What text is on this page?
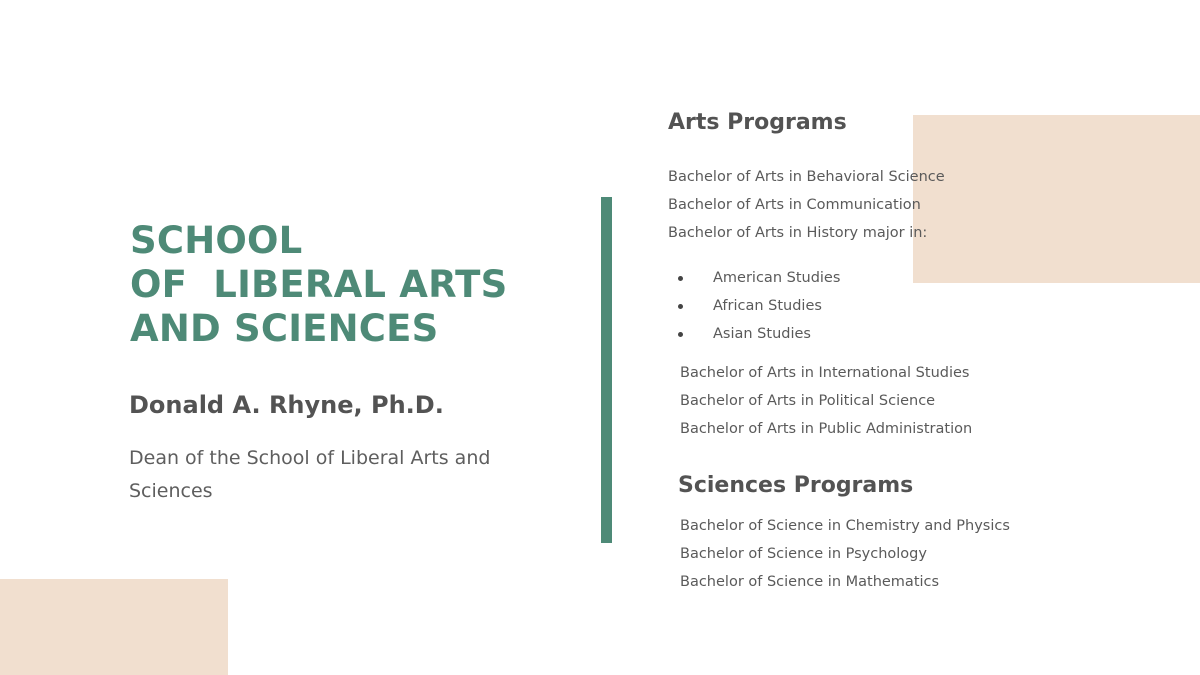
SCHOOL
OF  LIBERAL ARTS
AND SCIENCES
Donald A. Rhyne, Ph.D.

Dean of the School of Liberal Arts and Sciences

Arts Programs
Bachelor of Arts in Behavioral Science
Bachelor of Arts in Communication
Bachelor of Arts in History major in:
American Studies
African Studies
Asian Studies
Bachelor of Arts in International Studies
Bachelor of Arts in Political Science
Bachelor of Arts in Public Administration
Sciences Programs
Bachelor of Science in Chemistry and Physics
Bachelor of Science in Psychology
Bachelor of Science in Mathematics
